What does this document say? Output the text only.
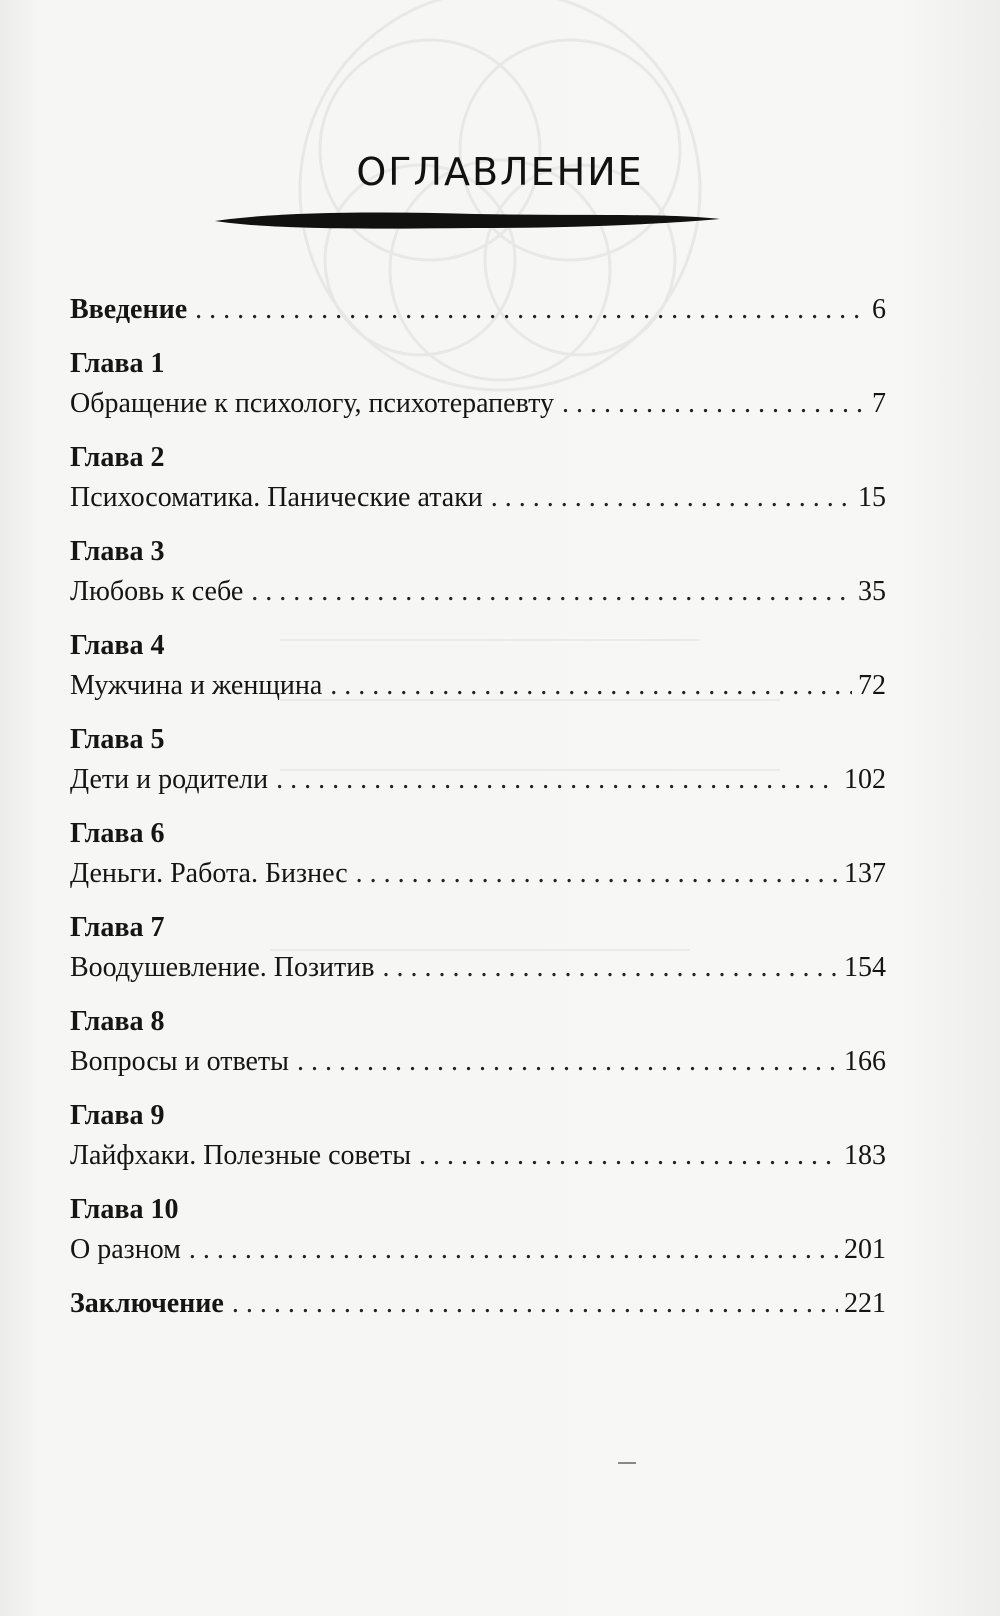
ОГЛАВЛЕНИЕ
Введение . . .	6
Глава 1
Обращение к психологу, психотерапевту . . .	7
Глава 2
Психосоматика. Панические атаки . . .	15
Глава 3
Любовь к себе . . .	35
Глава 4
Мужчина и женщина . . .	72
Глава 5
Дети и родители . . .	102
Глава 6
Деньги. Работа. Бизнес . . .	137
Глава 7
Воодушевление. Позитив . . .	154
Глава 8
Вопросы и ответы . . .	166
Глава 9
Лайфхаки. Полезные советы . . .	183
Глава 10
О разном . . .	201
Заключение . . .	221
